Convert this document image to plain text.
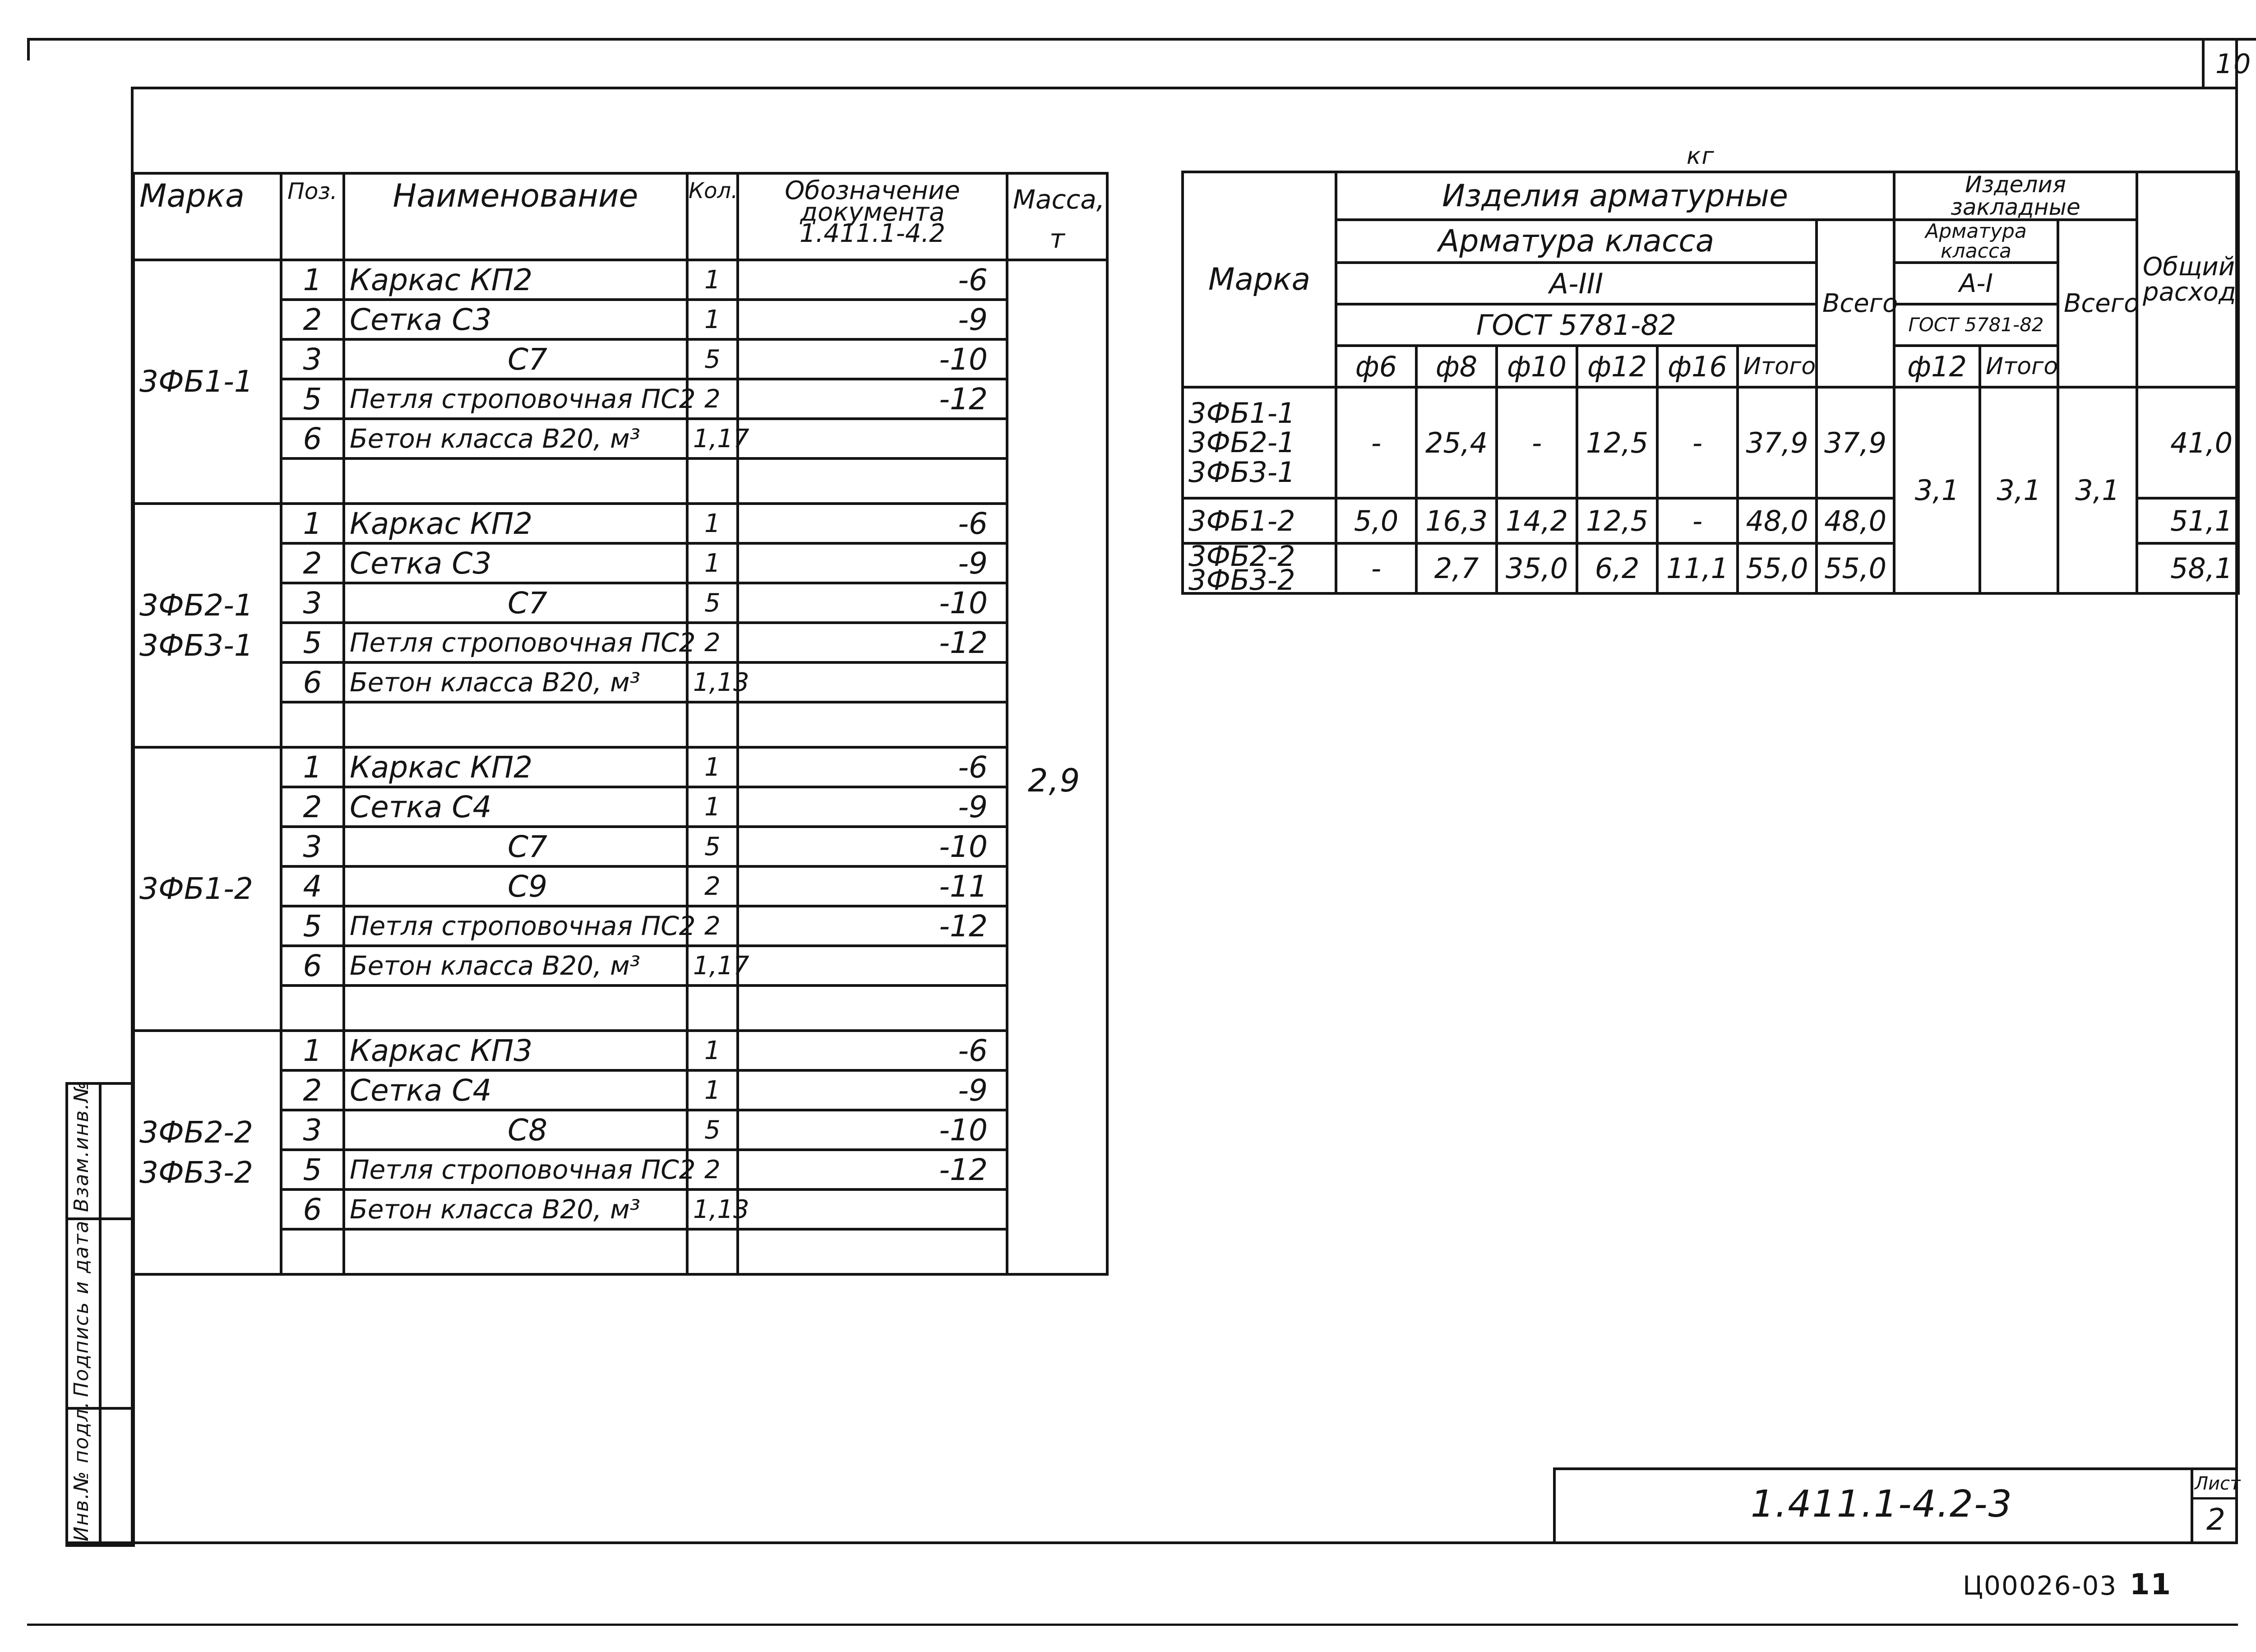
10
кг
Марка	Поз.	Наименование	Кол.	Обозначение документа 1.411.1-4.2	Масса, т
3ФБ1-1	1	Каркас КП2	1	-6	
	2	Сетка С3	1	-9	
	3	С7	5	-10	
	5	Петля строповочная ПС2	2	-12	
	6	Бетон класса В20, м³	1,17		

3ФБ2-1
3ФБ3-1	1	Каркас КП2	1	-6	
	2	Сетка С3	1	-9	
	3	С7	5	-10	
	5	Петля строповочная ПС2	2	-12	
	6	Бетон класса В20, м³	1,13		

3ФБ1-2	1	Каркас КП2	1	-6	
	2	Сетка С4	1	-9	
	3	С7	5	-10	
	4	С9	2	-11	
	5	Петля строповочная ПС2	2	-12	
	6	Бетон класса В20, м³	1,17		

3ФБ2-2
3ФБ3-2	1	Каркас КП3	1	-6	
	2	Сетка С4	1	-9	
	3	С8	5	-10	
	5	Петля строповочная ПС2	2	-12	
	6	Бетон класса В20, м³	1,13		

Марка	Изделия арматурные							Изделия закладные			Общий расход
	Арматура класса						Всего	Арматура класса		Всего	
	А-III							А-I			
	ГОСТ 5781-82							ГОСТ 5781-82			
	ф6	ф8	ф10	ф12	ф16	Итого		ф12	Итого		
3ФБ1-1
3ФБ2-1
3ФБ3-1	-	25,4	-	12,5	-	37,9	37,9	3,1	3,1	3,1	41,0
3ФБ1-2	5,0	16,3	14,2	12,5	-	48,0	48,0				51,1
3ФБ2-2
3ФБ3-2	-	2,7	35,0	6,2	11,1	55,0	55,0				58,1
Взам.инв.№	

Подпись и дата	

Инв.№ подл.	
		1.411.1-4.2-3	Лист
2
Ц00026-03 11
2,9
